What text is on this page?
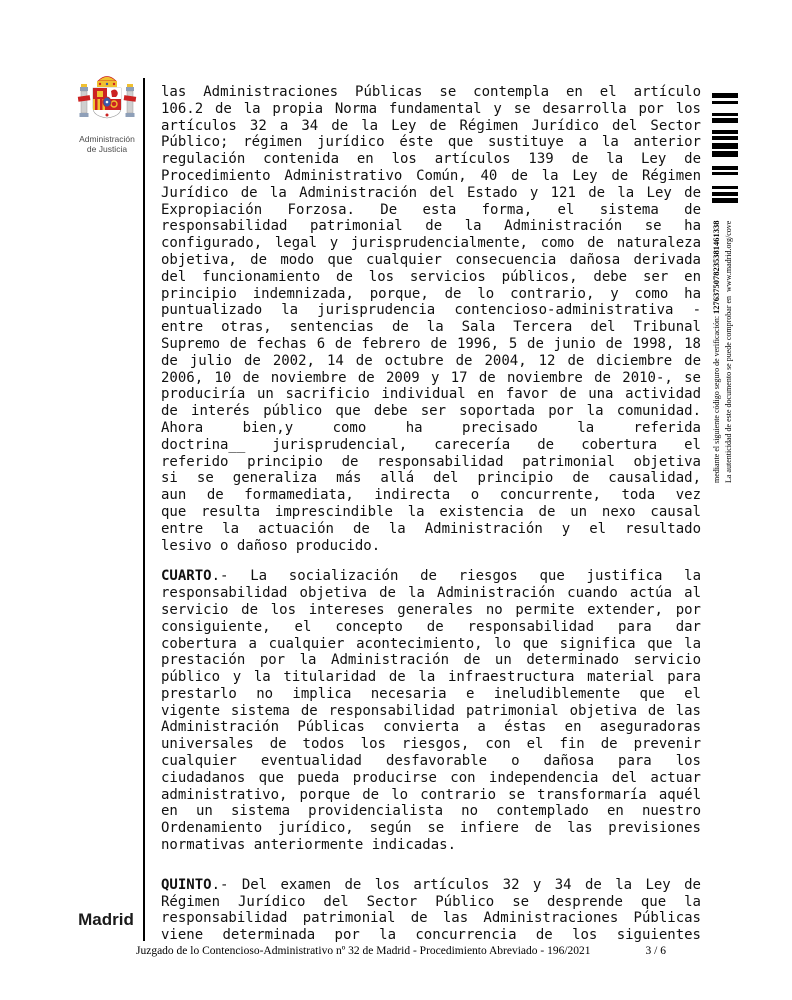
Administración
de Justicia
las Administraciones Públicas se contempla en el artículo
106.2 de la propia Norma fundamental y se desarrolla por los
artículos 32 a 34 de la Ley de Régimen Jurídico del Sector
Público; régimen jurídico éste que sustituye a la anterior
regulación contenida en los artículos 139 de la Ley de
Procedimiento Administrativo Común, 40 de la Ley de Régimen
Jurídico de la Administración del Estado y 121 de la Ley de
Expropiación Forzosa. De esta forma, el sistema de
responsabilidad patrimonial de la Administración se ha
configurado, legal y jurisprudencialmente, como de naturaleza
objetiva, de modo que cualquier consecuencia dañosa derivada
del funcionamiento de los servicios públicos, debe ser en
principio indemnizada, porque, de lo contrario, y como ha
puntualizado la jurisprudencia contencioso-administrativa -
entre otras, sentencias de la Sala Tercera del Tribunal
Supremo de fechas 6 de febrero de 1996, 5 de junio de 1998, 18
de julio de 2002, 14 de octubre de 2004, 12 de diciembre de
2006, 10 de noviembre de 2009 y 17 de noviembre de 2010-, se
produciría un sacrificio individual en favor de una actividad
de interés público que debe ser soportada por la comunidad.
Ahora bien,y como ha precisado la referida
doctrina__ jurisprudencial, carecería de cobertura el
referido principio de responsabilidad patrimonial objetiva
si se generaliza más allá del principio de causalidad,
aun de formamediata, indirecta o concurrente, toda vez
que resulta imprescindible la existencia de un nexo causal
entre la actuación de la Administración y el resultado
lesivo o dañoso producido.
CUARTO.- La socialización de riesgos que justifica la
responsabilidad objetiva de la Administración cuando actúa al
servicio de los intereses generales no permite extender, por
consiguiente, el concepto de responsabilidad para dar
cobertura a cualquier acontecimiento, lo que significa que la
prestación por la Administración de un determinado servicio
público y la titularidad de la infraestructura material para
prestarlo no implica necesaria e ineludiblemente que el
vigente sistema de responsabilidad patrimonial objetiva de las
Administración Públicas convierta a éstas en aseguradoras
universales de todos los riesgos, con el fin de prevenir
cualquier eventualidad desfavorable o dañosa para los
ciudadanos que pueda producirse con independencia del actuar
administrativo, porque de lo contrario se transformaría aquél
en un sistema providencialista no contemplado en nuestro
Ordenamiento jurídico, según se infiere de las previsiones
normativas anteriormente indicadas.
QUINTO.- Del examen de los artículos 32 y 34 de la Ley de
Régimen Jurídico del Sector Público se desprende que la
responsabilidad patrimonial de las Administraciones Públicas
viene determinada por la concurrencia de los siguientes

La autenticidad de este documento se puede comprobar en  www.madrid.org/cove

mediante el siguiente código seguro de verificación: 1276375078235381461338

★★★★
★★★
Madrid
Juzgado de lo Contencioso-Administrativo nº 32 de Madrid - Procedimiento Abreviado - 196/2021	3 / 6
